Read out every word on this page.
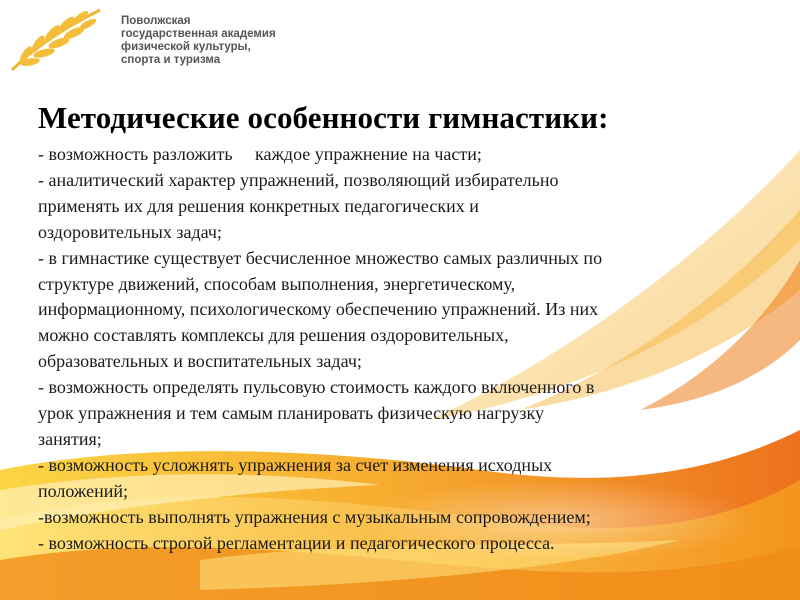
Поволжская
государственная академия
физической культуры,
спорта и туризма
Методические особенности гимнастики:
- возможность разложить     каждое упражнение на части;
- аналитический характер упражнений, позволяющий избирательно
применять их для решения конкретных педагогических и
оздоровительных задач;
- в гимнастике существует бесчисленное множество самых различных по
структуре движений, способам выполнения, энергетическому,
информационному, психологическому обеспечению упражнений. Из них
можно составлять комплексы для решения оздоровительных,
образовательных и воспитательных задач;
- возможность определять пульсовую стоимость каждого включенного в
урок упражнения и тем самым планировать физическую нагрузку
занятия;
- возможность усложнять упражнения за счет изменения исходных
положений;
-возможность выполнять упражнения с музыкальным сопровождением;
- возможность строгой регламентации и педагогического процесса.
